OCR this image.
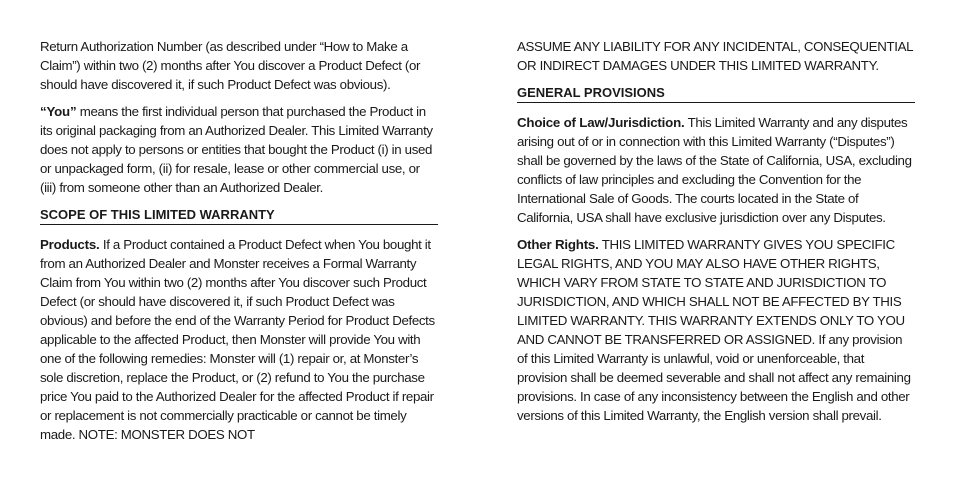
Return Authorization Number (as described under “How to Make a Claim”) within two (2) months after You discover a Product Defect (or should have discovered it, if such Product Defect was obvious).

“You” means the first individual person that purchased the Product in its original packaging from an Authorized Dealer. This Limited Warranty does not apply to persons or entities that bought the Product (i) in used or unpackaged form, (ii) for resale, lease or other commercial use, or (iii) from someone other than an Authorized Dealer.

SCOPE OF THIS LIMITED WARRANTY

Products. If a Product contained a Product Defect when You bought it from an Authorized Dealer and Monster receives a Formal Warranty Claim from You within two (2) months after You discover such Product Defect (or should have discovered it, if such Product Defect was obvious) and before the end of the Warranty Period for Product Defects applicable to the affected Product, then Monster will provide You with one of the following remedies: Monster will (1) repair or, at Monster’s sole discretion, replace the Product, or (2) refund to You the purchase price You paid to the Authorized Dealer for the affected Product if repair or replacement is not commercially practicable or cannot be timely made. NOTE: MONSTER DOES NOT

ASSUME ANY LIABILITY FOR ANY INCIDENTAL, CONSEQUENTIAL OR INDIRECT DAMAGES UNDER THIS LIMITED WARRANTY.

GENERAL PROVISIONS

Choice of Law/Jurisdiction. This Limited Warranty and any disputes arising out of or in connection with this Limited Warranty (“Disputes”) shall be governed by the laws of the State of California, USA, excluding conflicts of law principles and excluding the Convention for the International Sale of Goods. The courts located in the State of California, USA shall have exclusive jurisdiction over any Disputes.

Other Rights. THIS LIMITED WARRANTY GIVES YOU SPECIFIC LEGAL RIGHTS, AND YOU MAY ALSO HAVE OTHER RIGHTS, WHICH VARY FROM STATE TO STATE AND JURISDICTION TO JURISDICTION, AND WHICH SHALL NOT BE AFFECTED BY THIS LIMITED WARRANTY. THIS WARRANTY EXTENDS ONLY TO YOU AND CANNOT BE TRANSFERRED OR ASSIGNED. If any provision of this Limited Warranty is unlawful, void or unenforceable, that provision shall be deemed severable and shall not affect any remaining provisions. In case of any inconsistency between the English and other versions of this Limited Warranty, the English version shall prevail.
